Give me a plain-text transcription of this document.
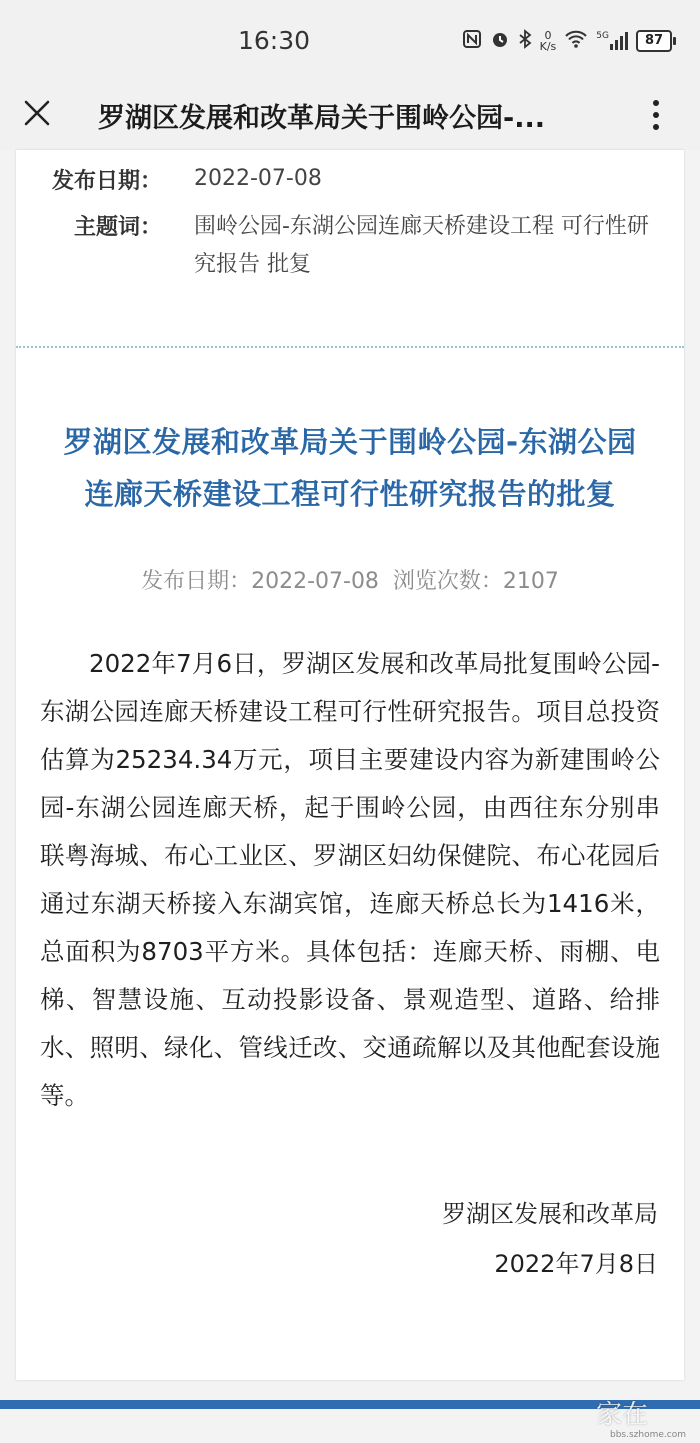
16:30	0
K/s
5G	87
罗湖区发展和改革局关于围岭公园-...
发布日期： 2022-07-08
主题词： 围岭公园-东湖公园连廊天桥建设工程 可行性研究报告 批复
罗湖区发展和改革局关于围岭公园-东湖公园
连廊天桥建设工程可行性研究报告的批复
发布日期：2022-07-08  浏览次数：2107
2022年7月6日，罗湖区发展和改革局批复围岭公园-东湖公园连廊天桥建设工程可行性研究报告。项目总投资估算为25234.34万元，项目主要建设内容为新建围岭公园-东湖公园连廊天桥，起于围岭公园，由西往东分别串联粤海城、布心工业区、罗湖区妇幼保健院、布心花园后通过东湖天桥接入东湖宾馆，连廊天桥总长为1416米，总面积为8703平方米。具体包括：连廊天桥、雨棚、电梯、智慧设施、互动投影设备、景观造型、道路、给排水、照明、绿化、管线迁改、交通疏解以及其他配套设施等。
罗湖区发展和改革局
2022年7月8日
家在
bbs.szhome.com
